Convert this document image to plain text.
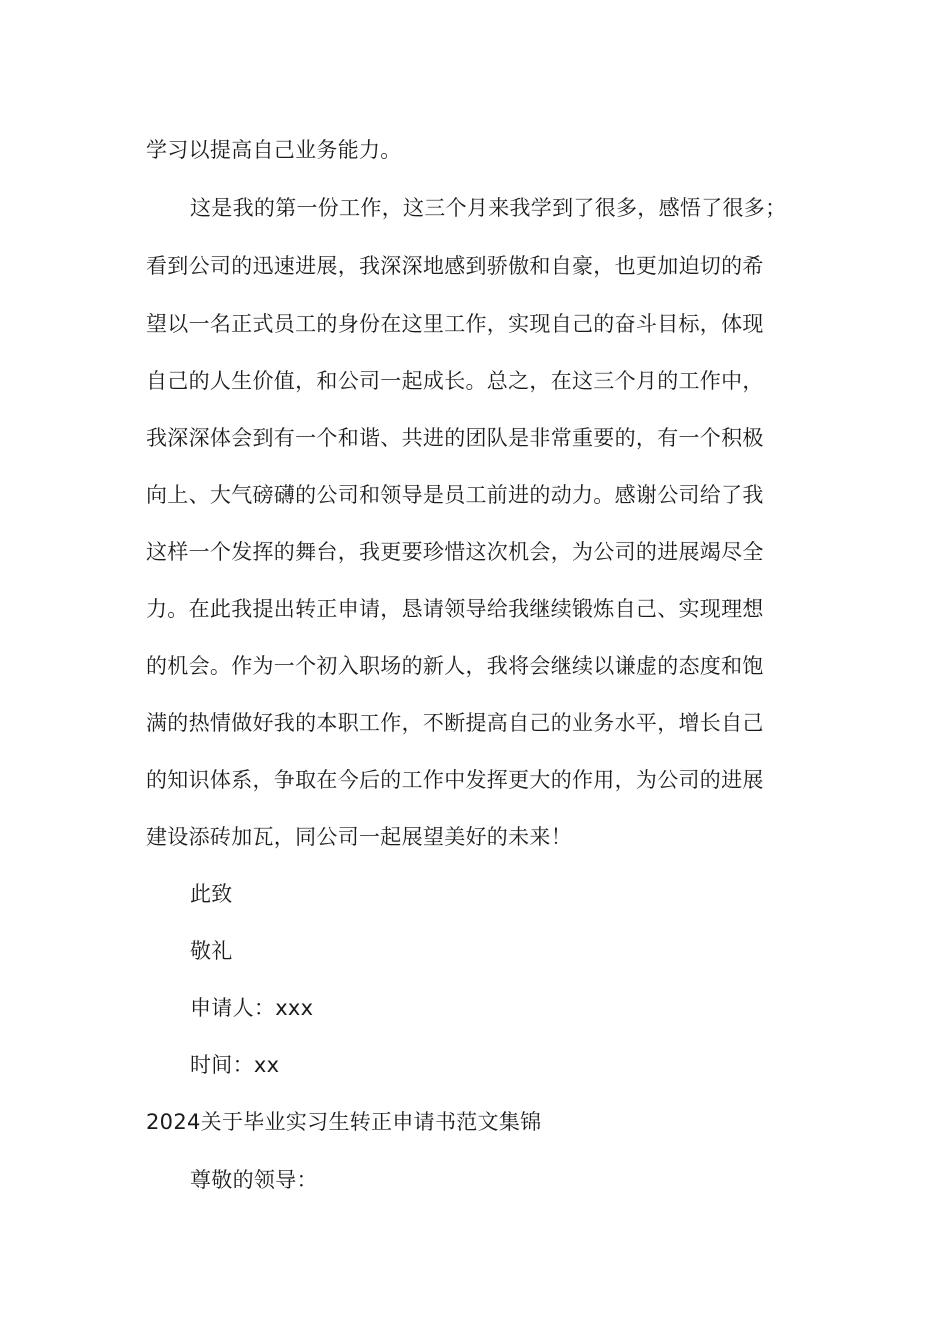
学习以提高自己业务能力。
这是我的第一份工作，这三个月来我学到了很多，感悟了很多；
看到公司的迅速进展，我深深地感到骄傲和自豪，也更加迫切的希
望以一名正式员工的身份在这里工作，实现自己的奋斗目标，体现
自己的人生价值，和公司一起成长。总之，在这三个月的工作中，
我深深体会到有一个和谐、共进的团队是非常重要的，有一个积极
向上、大气磅礴的公司和领导是员工前进的动力。感谢公司给了我
这样一个发挥的舞台，我更要珍惜这次机会，为公司的进展竭尽全
力。在此我提出转正申请，恳请领导给我继续锻炼自己、实现理想
的机会。作为一个初入职场的新人，我将会继续以谦虚的态度和饱
满的热情做好我的本职工作，不断提高自己的业务水平，增长自己
的知识体系，争取在今后的工作中发挥更大的作用，为公司的进展
建设添砖加瓦，同公司一起展望美好的未来！
此致
敬礼
申请人：xxx
时间：xx
2024关于毕业实习生转正申请书范文集锦
尊敬的领导：
